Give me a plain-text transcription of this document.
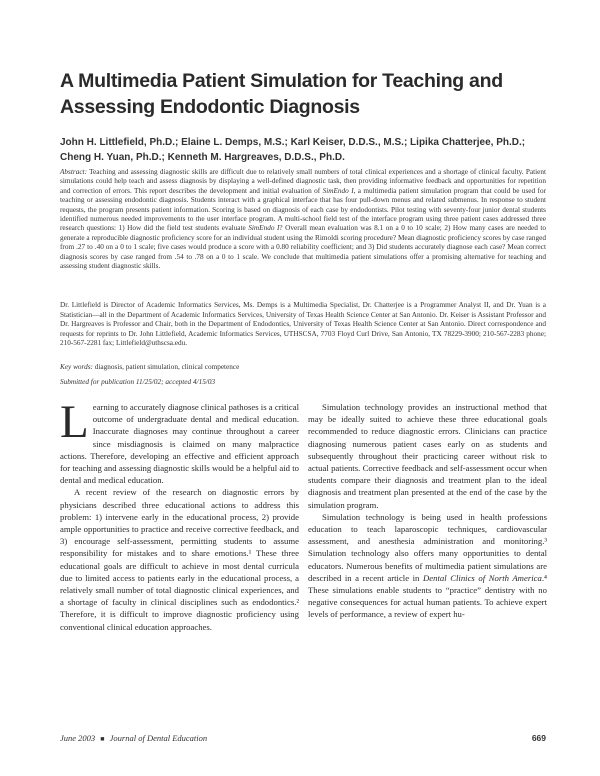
A Multimedia Patient Simulation for Teaching and Assessing Endodontic Diagnosis

John H. Littlefield, Ph.D.; Elaine L. Demps, M.S.; Karl Keiser, D.D.S., M.S.; Lipika Chatterjee, Ph.D.; Cheng H. Yuan, Ph.D.; Kenneth M. Hargreaves, D.D.S., Ph.D.

Abstract: Teaching and assessing diagnostic skills are difficult due to relatively small numbers of total clinical experiences and a shortage of clinical faculty. Patient simulations could help teach and assess diagnosis by displaying a well-defined diagnostic task, then providing informative feedback and opportunities for repetition and correction of errors. This report describes the development and initial evaluation of SimEndo I, a multimedia patient simulation program that could be used for teaching or assessing endodontic diagnosis. Students interact with a graphical interface that has four pull-down menus and related submenus. In response to student requests, the program presents patient information. Scoring is based on diagnosis of each case by endodontists. Pilot testing with seventy-four junior dental students identified numerous needed improvements to the user interface program. A multi-school field test of the interface program using three patient cases addressed three research questions: 1) How did the field test students evaluate SimEndo I? Overall mean evaluation was 8.1 on a 0 to 10 scale; 2) How many cases are needed to generate a reproducible diagnostic proficiency score for an individual student using the Rimoldi scoring procedure? Mean diagnostic proficiency scores by case ranged from .27 to .40 on a 0 to 1 scale; five cases would produce a score with a 0.80 reliability coefficient; and 3) Did students accurately diagnose each case? Mean correct diagnosis scores by case ranged from .54 to .78 on a 0 to 1 scale. We conclude that multimedia patient simulations offer a promising alternative for teaching and assessing student diagnostic skills.

Dr. Littlefield is Director of Academic Informatics Services, Ms. Demps is a Multimedia Specialist, Dr. Chatterjee is a Programmer Analyst II, and Dr. Yuan is a Statistician—all in the Department of Academic Informatics Services, University of Texas Health Science Center at San Antonio. Dr. Keiser is Assistant Professor and Dr. Hargreaves is Professor and Chair, both in the Department of Endodontics, University of Texas Health Science Center at San Antonio. Direct correspondence and requests for reprints to Dr. John Littlefield, Academic Informatics Services, UTHSCSA, 7703 Floyd Curl Drive, San Antonio, TX 78229-3900; 210-567-2283 phone; 210-567-2281 fax; Littlefield@uthscsa.edu.

Key words: diagnosis, patient simulation, clinical competence

Submitted for publication 11/25/02; accepted 4/15/03

Learning to accurately diagnose clinical pathoses is a critical outcome of undergraduate dental and medical education. Inaccurate diagnoses may continue throughout a career since misdiagnosis is claimed on many malpractice actions. Therefore, developing an effective and efficient approach for teaching and assessing diagnostic skills would be a helpful aid to dental and medical education.

A recent review of the research on diagnostic errors by physicians described three educational actions to address this problem: 1) intervene early in the educational process, 2) provide ample opportunities to practice and receive corrective feedback, and 3) encourage self-assessment, permitting students to assume responsibility for mistakes and to share emotions.¹ These three educational goals are difficult to achieve in most dental curricula due to limited access to patients early in the educational process, a relatively small number of total diagnostic clinical experiences, and a shortage of faculty in clinical disciplines such as endodontics.² Therefore, it is difficult to improve diagnostic proficiency using conventional clinical education approaches.

Simulation technology provides an instructional method that may be ideally suited to achieve these three educational goals recommended to reduce diagnostic errors. Clinicians can practice diagnosing numerous patient cases early on as students and subsequently throughout their practicing career without risk to actual patients. Corrective feedback and self-assessment occur when students compare their diagnosis and treatment plan to the ideal diagnosis and treatment plan presented at the end of the case by the simulation program.

Simulation technology is being used in health professions education to teach laparoscopic techniques, cardiovascular assessment, and anesthesia administration and monitoring.³ Simulation technology also offers many opportunities to dental educators. Numerous benefits of multimedia patient simulations are described in a recent article in Dental Clinics of North America.⁴ These simulations enable students to “practice” dentistry with no negative consequences for actual human patients. To achieve expert levels of performance, a review of expert hu-

June 2003 ■ Journal of Dental Education	669
